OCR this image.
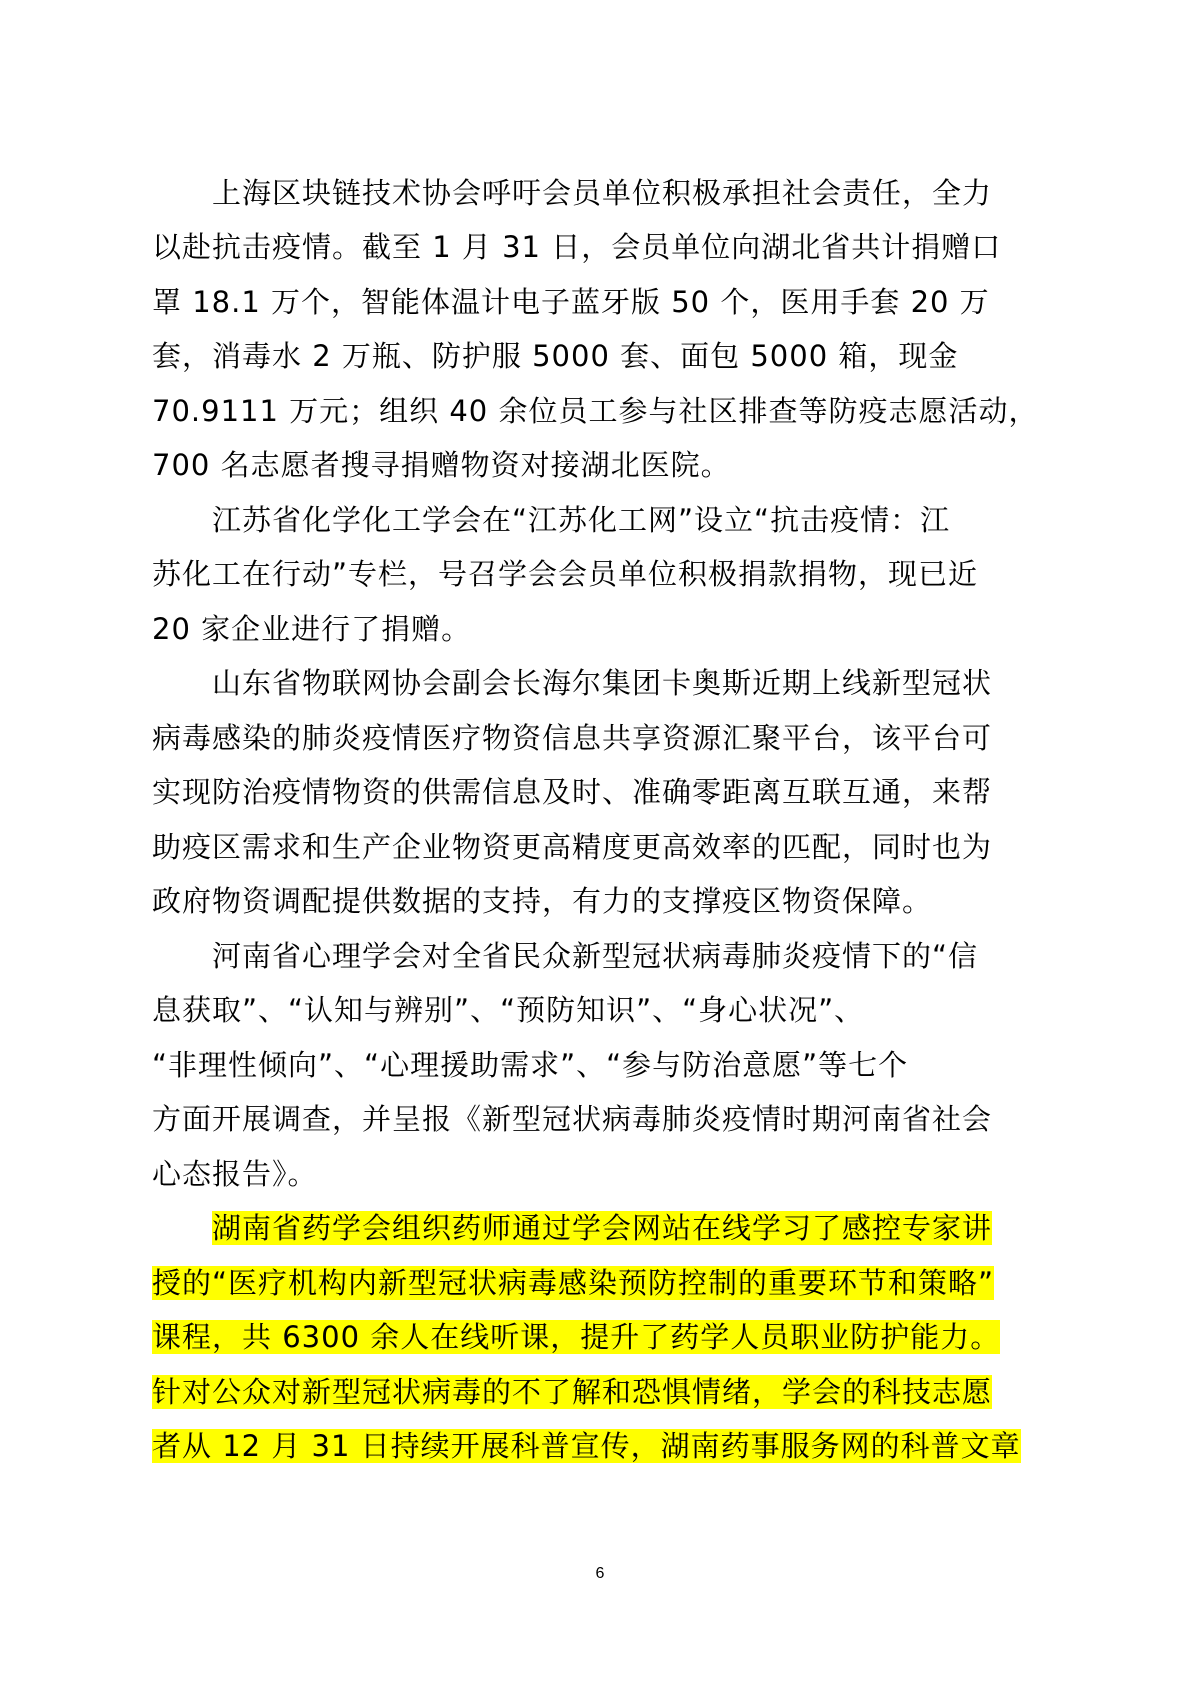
　　上海区块链技术协会呼吁会员单位积极承担社会责任，全力
以赴抗击疫情。截至 1 月 31 日，会员单位向湖北省共计捐赠口
罩 18.1 万个，智能体温计电子蓝牙版 50 个，医用手套 20 万
套，消毒水 2 万瓶、防护服 5000 套、面包 5000 箱，现金
70.9111 万元；组织 40 余位员工参与社区排查等防疫志愿活动，
700 名志愿者搜寻捐赠物资对接湖北医院。
　　江苏省化学化工学会在“江苏化工网”设立“抗击疫情：江
苏化工在行动”专栏，号召学会会员单位积极捐款捐物，现已近
20 家企业进行了捐赠。
　　山东省物联网协会副会长海尔集团卡奥斯近期上线新型冠状
病毒感染的肺炎疫情医疗物资信息共享资源汇聚平台，该平台可
实现防治疫情物资的供需信息及时、准确零距离互联互通，来帮
助疫区需求和生产企业物资更高精度更高效率的匹配，同时也为
政府物资调配提供数据的支持，有力的支撑疫区物资保障。
　　河南省心理学会对全省民众新型冠状病毒肺炎疫情下的“信
息获取”、“认知与辨别”、“预防知识”、“身心状况”、
“非理性倾向”、“心理援助需求”、“参与防治意愿”等七个
方面开展调查，并呈报《新型冠状病毒肺炎疫情时期河南省社会
心态报告》。
　　湖南省药学会组织药师通过学会网站在线学习了感控专家讲
授的“医疗机构内新型冠状病毒感染预防控制的重要环节和策略”
课程，共 6300 余人在线听课，提升了药学人员职业防护能力。
针对公众对新型冠状病毒的不了解和恐惧情绪，学会的科技志愿
者从 12 月 31 日持续开展科普宣传，湖南药事服务网的科普文章
6
